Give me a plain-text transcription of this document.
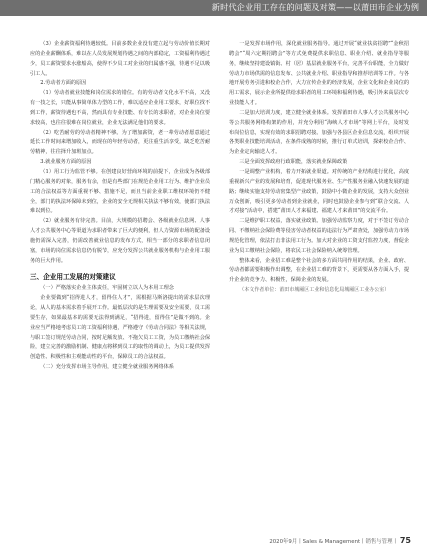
新时代企业用工存在的问题及对策——以莆田市企业为例

（3）企业薪资福利待遇较低。目前多数企业没有建立起与劳动价值长期对应的企业薪酬体系，难以在人员发展规划待遇之间的内部稳定，工资福利待遇过少，员工薪资要求水涨船高，使得不少员工对企业的归属感不强，待遇不足以吸引工人。

2.劳动者方面的原因

（1）劳动者就业技能和岗位需求的错位。有的劳动者文化水平不高，又没有一技之长，只能从事简单体力型的工作，难以适应企业用工要求，好职位找不到工作，薪资待遇也不高，然而具有专业技能、有专长的求职者，对企业岗位要求较高，也往往很难在岗位就业，企业无法满足他们的要求。

（2）吃苦耐劳的劳动者精神不够。为了增加薪资，老一辈劳动者愿意通过延长工作时间来增加收入，而现在的年轻劳动者，更注重生活享受，缺乏吃苦耐劳精神，往往择升加班加点。

3.就业服务方面的原因

（1）用工行为监管不够。在创建良好营商环境的前提下，企业成为各级部门精心服务的对象，服务有余，但是有些部门在规范企业用工行为、维护企业员工的合法权益等方面重视不够、措施不足，而且当前企业职工维权环境仍不健全，部门的执法环保障未到位，企业的安全无规相关执法不够有效，使部门执法难以到位。

（2）就业服务有待完善。目前，大规模的招聘会、各级就业信息网、人事人才公共服务中心等渠道为求职者带来了巨大的便利，但人力资源市场的配备设施仍需深入完善，仍需改善就业信息的发布方式，相当一部分的求职者信息闭塞，市场的岗位需求信息仍有脱节，应充分发挥公共就业服务机构与企业用工服务的巨大作用。

三、企业用工发展的对策建议

（一）严格落实企业主体责任，牢固树立以人为本用工理念

企业要做到“招得进人才，留得住人才”，需根据马斯洛提出的需求层次理论，从人的基本需求着手展开工作。最低层次的是生理需要及安全需要，员工需要生存，如果最基本的需要无法得到满足，“招得进，留得住”是做不到的。企业应当严格地考虑员工的工资福利待遇，严格遵守《劳动合同法》等相关法规，与职工签订规范劳动合同，按时足额发放、不拖欠员工工资，为员工缴纳社会保险，建立完善的激励机制、健康点将移到员工的取性的调动上，为员工提供发挥创造性、积极性和主观能动性的平台，保障员工的合法权益。

（二）充分发挥市场主导作用，建立健全就业服务网络体系

一是发挥市场作用，深化就业服务指导。通过开展“就业扶贫招聘”“金秋招聘会”“周六定期招聘会”等方式免费提供求职信息、职业介绍、就业指导等服务，继续坚持建设镇街、村（居）基层就业服务平台，完善平台职能，全力做好劳动力市场供需的信息发布、公共就业介绍、职业指导和推荐培训等工作。与各地开展劳务引进和校企合作，大力宣传企业的经济发展，企业文化和企业岗位的用工需求，展示企业所提供给求职者的用工环境和福利待遇，吸引外来高层次专业技能人才。

二是加大培训力度，建立健全就业体系。发挥莆田市人事人才公共服务中心等公共服务网络构架的作用，并充分利用“海峡人才市场”等网上平台，及时发布岗位信息，实现有效的求职招聘对接。加强与各县区企业信息交流，组织开展各类职业技能培训活动，在条件成熟的时候，推行订单式培训，探索校企合作、为企业定向输送人才。

三是全面发挥政府行政职能，落实就业保障政策

一是调整产业机构，着力开拓就业渠道。对传统的产业结构进行优化，高度重视新兴产业的发展和培育，促进现代服务业、生产性服务业融入快速发展的道路；继续实施支持劳动密集型产业政策，鼓励中小微企业的发展，支持大众创业万众创新，吸引更多劳动者到企业就业，同时也鼓励企业参与到“联合交流、人才对接”活动中，搭建“莆田人才来福建、福建人才来莆田”的交流平台。

二是维护职工权益，落实就业政策。加强劳动监察力度，对于不签订劳动合同、不缴纳社会保险费等侵害劳动者权益的违法行为严肃查处，加强劳动力市场规范化管理，依法打击非法用工行为。加大对企业的工资支付监控力度，督促企业为员工缴纳社会保险，将农民工社会保险纳入统筹管理。

整体来看，企业招工难是整个社会的多方面共同作用的结果，企业、政府、劳动者都需要积极作出调整，在企业招工难的背景下，更需要从各方面入手，提升企业的竞争力、积极性，保障企业的发展。

（本文作者单位：莆田市城厢区工业和信息化局城厢区工业办公室）

2020年9月丨Sales & Management丨销售与管理丨 75
